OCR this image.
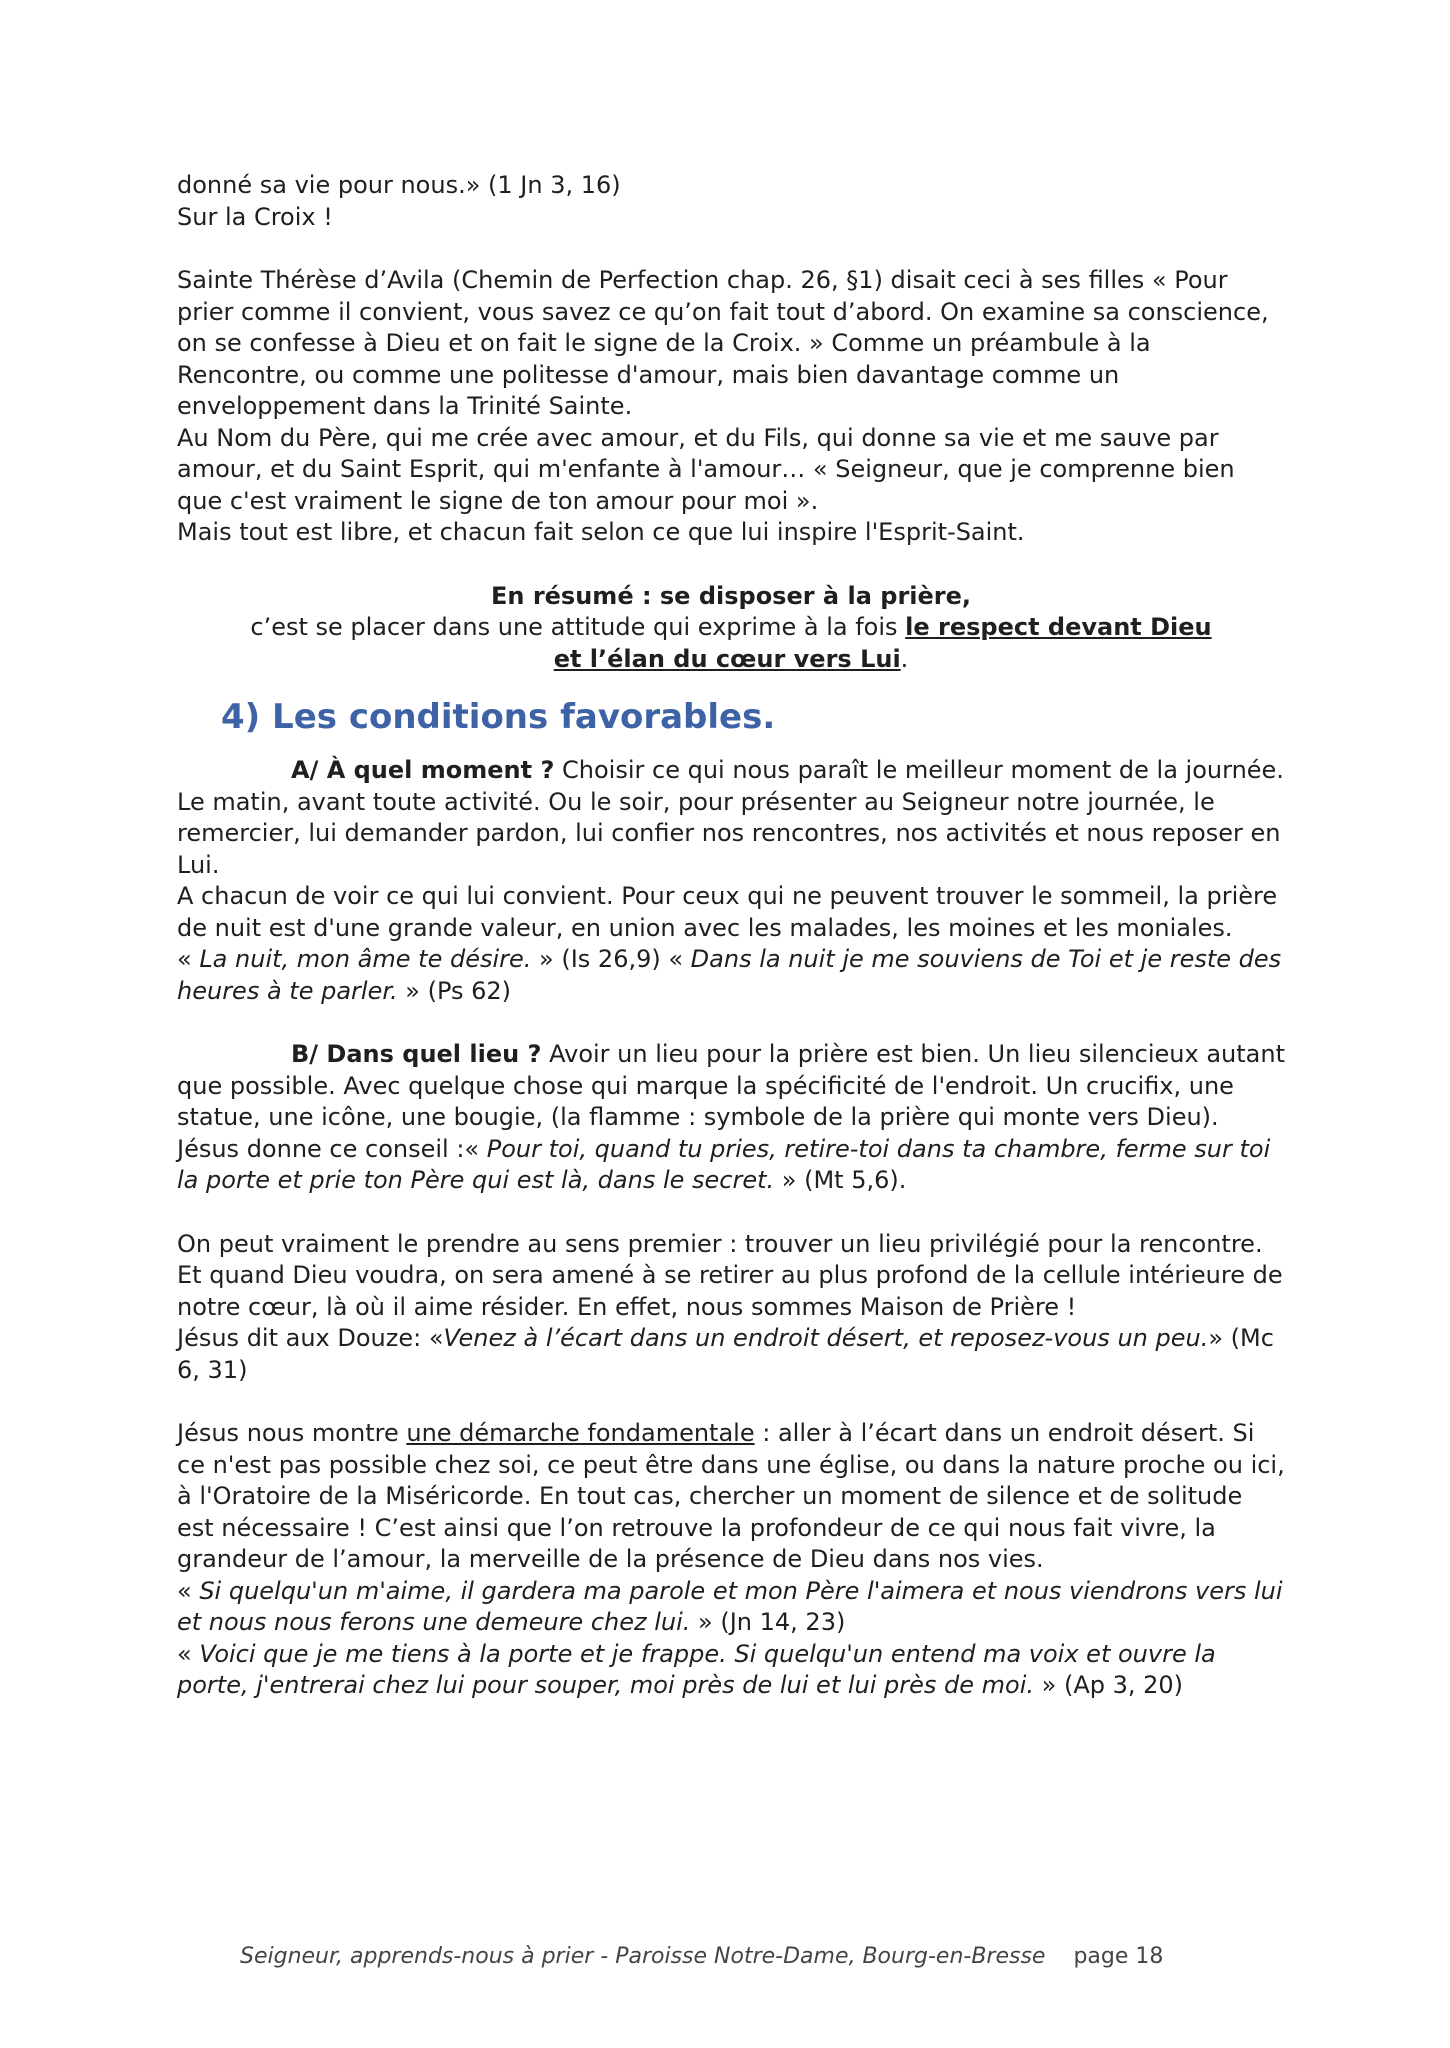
donné sa vie pour nous.» (1 Jn 3, 16)

Sur la Croix !

Sainte Thérèse d’Avila (Chemin de Perfection chap. 26, §1) disait ceci à ses filles « Pour prier comme il convient, vous savez ce qu’on fait tout d’abord. On examine sa conscience, on se confesse à Dieu et on fait le signe de la Croix. » Comme un préambule à la Rencontre, ou comme une politesse d'amour, mais bien davantage comme un enveloppement dans la Trinité Sainte.

Au Nom du Père, qui me crée avec amour, et du Fils, qui donne sa vie et me sauve par amour, et du Saint Esprit, qui m'enfante à l'amour… « Seigneur, que je comprenne bien que c'est vraiment le signe de ton amour pour moi ».

Mais tout est libre, et chacun fait selon ce que lui inspire l'Esprit-Saint.

En résumé : se disposer à la prière,

c’est se placer dans une attitude qui exprime à la fois le respect devant Dieu

et l’élan du cœur vers Lui.

4) Les conditions favorables.

A/ À quel moment ? Choisir ce qui nous paraît le meilleur moment de la journée. Le matin, avant toute activité. Ou le soir, pour présenter au Seigneur notre journée, le remercier, lui demander pardon, lui confier nos rencontres, nos activités et nous reposer en Lui.

A chacun de voir ce qui lui convient. Pour ceux qui ne peuvent trouver le sommeil, la prière de nuit est d'une grande valeur, en union avec les malades, les moines et les moniales.

« La nuit, mon âme te désire. » (Is 26,9) « Dans la nuit je me souviens de Toi et je reste des heures à te parler. » (Ps 62)

B/ Dans quel lieu ? Avoir un lieu pour la prière est bien. Un lieu silencieux autant que possible. Avec quelque chose qui marque la spécificité de l'endroit. Un crucifix, une statue, une icône, une bougie, (la flamme : symbole de la prière qui monte vers Dieu).

Jésus donne ce conseil :« Pour toi, quand tu pries, retire-toi dans ta chambre, ferme sur toi la porte et prie ton Père qui est là, dans le secret. » (Mt 5,6).

On peut vraiment le prendre au sens premier : trouver un lieu privilégié pour la rencontre. Et quand Dieu voudra, on sera amené à se retirer au plus profond de la cellule intérieure de notre cœur, là où il aime résider. En effet, nous sommes Maison de Prière !

Jésus dit aux Douze: «Venez à l’écart dans un endroit désert, et reposez-vous un peu.» (Mc 6, 31)

Jésus nous montre une démarche fondamentale : aller à l’écart dans un endroit désert. Si ce n'est pas possible chez soi, ce peut être dans une église, ou dans la nature proche ou ici, à l'Oratoire de la Miséricorde. En tout cas, chercher un moment de silence et de solitude est nécessaire ! C’est ainsi que l’on retrouve la profondeur de ce qui nous fait vivre, la grandeur de l’amour, la merveille de la présence de Dieu dans nos vies.

« Si quelqu'un m'aime, il gardera ma parole et mon Père l'aimera et nous viendrons vers lui et nous nous ferons une demeure chez lui. » (Jn 14, 23)

« Voici que je me tiens à la porte et je frappe. Si quelqu'un entend ma voix et ouvre la porte, j'entrerai chez lui pour souper, moi près de lui et lui près de moi. » (Ap 3, 20)

Seigneur, apprends-nous à prier - Paroisse Notre-Dame, Bourg-en-Bresse page 18
